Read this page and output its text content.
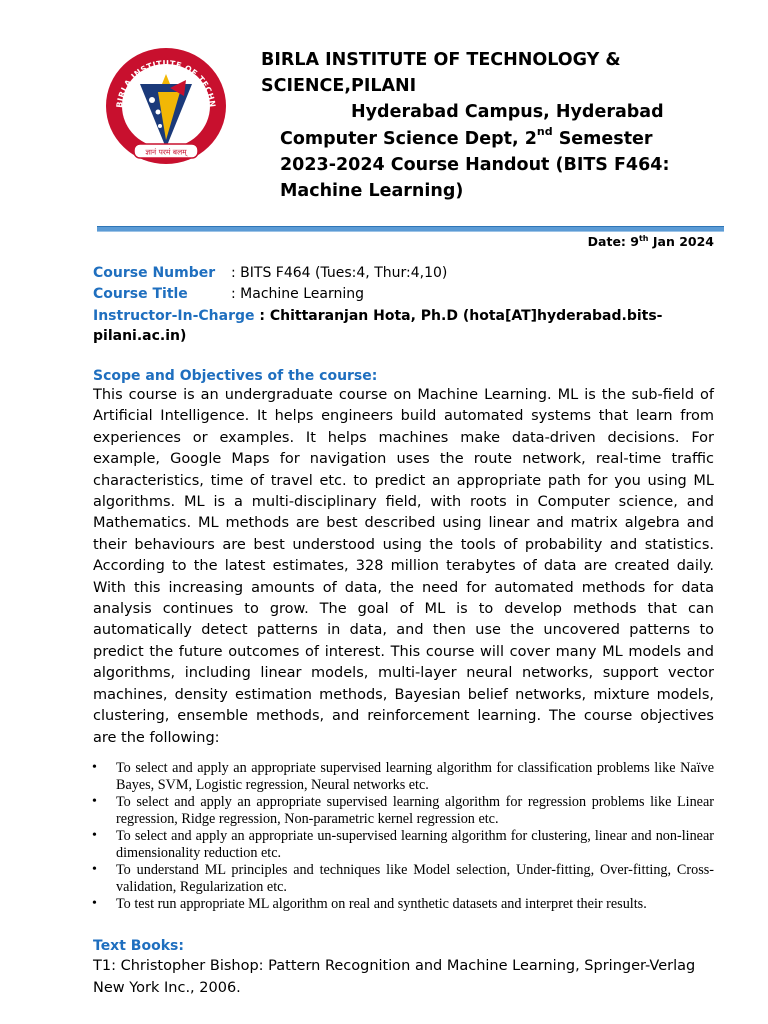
BIRLA INSTITUTE OF TECHN
ज्ञानं परमं बलम्
BIRLA INSTITUTE OF TECHNOLOGY & SCIENCE,PILANI
Hyderabad Campus, Hyderabad
Computer Science Dept, 2nd Semester 2023-2024 Course Handout (BITS F464: Machine Learning)
Date: 9th Jan 2024
Course Number : BITS F464 (Tues:4, Thur:4,10)
Course Title	: Machine Learning
Instructor-In-Charge : Chittaranjan Hota, Ph.D (hota[AT]hyderabad.bits-
pilani.ac.in)
Scope and Objectives of the course:
This course is an undergraduate course on Machine Learning. ML is the sub-field of Artificial Intelligence. It helps engineers build automated systems that learn from experiences or examples. It helps machines make data-driven decisions. For example, Google Maps for navigation uses the route network, real-time traffic characteristics, time of travel etc. to predict an appropriate path for you using ML algorithms. ML is a multi-disciplinary field, with roots in Computer science, and Mathematics. ML methods are best described using linear and matrix algebra and their behaviours are best understood using the tools of probability and statistics. According to the latest estimates, 328 million terabytes of data are created daily. With this increasing amounts of data, the need for automated methods for data analysis continues to grow. The goal of ML is to develop methods that can automatically detect patterns in data, and then use the uncovered patterns to predict the future outcomes of interest. This course will cover many ML models and algorithms, including linear models, multi-layer neural networks, support vector machines, density estimation methods, Bayesian belief networks, mixture models, clustering, ensemble methods, and reinforcement learning. The course objectives are the following:
• To select and apply an appropriate supervised learning algorithm for classification problems like Naïve Bayes, SVM, Logistic regression, Neural networks etc.
• To select and apply an appropriate supervised learning algorithm for regression problems like Linear regression, Ridge regression, Non-parametric kernel regression etc.
• To select and apply an appropriate un-supervised learning algorithm for clustering, linear and non-linear dimensionality reduction etc.
• To understand ML principles and techniques like Model selection, Under-fitting, Over-fitting, Cross-validation, Regularization etc.
• To test run appropriate ML algorithm on real and synthetic datasets and interpret their results.
Text Books:
T1: Christopher Bishop: Pattern Recognition and Machine Learning, Springer-Verlag New York Inc., 2006.
